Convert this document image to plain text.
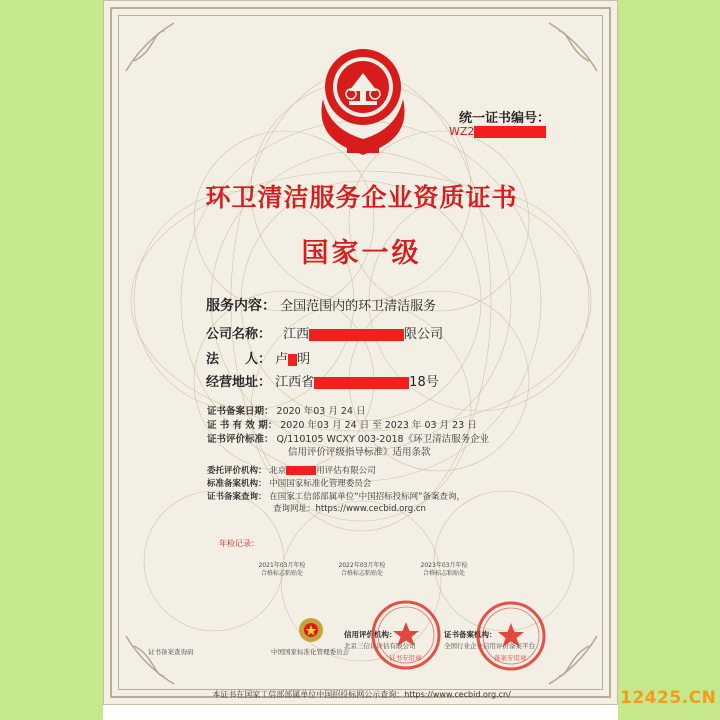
统一证书编号：
WZ2
环卫清洁服务企业资质证书
国家一级
服务内容： 全国范围内的环卫清洁服务
公司名称： 江西	限公司
法　　人： 卢 明
经营地址： 江西省	18号
证书备案日期： 2020 年03 月 24 日
证 书 有 效 期： 2020 年03 月 24 日 至 2023 年 03 月 23 日
证书评价标准： Q/110105 WCXY 003-2018《环卫清洁服务企业
信用评价评级指导标准》适用条款
委托评价机构： 北京	用评估有限公司
标准备案机构： 中国国家标准化管理委员会
证书备案查询： 在国家工信部部属单位“中国招标投标网”备案查询，
查询网址：https://www.cecbid.org.cn
年检记录：
2021年03月年检
合格标志粘贴处
2022年03月年检
合格标志粘贴处
2023年03月年检
合格标志粘贴处
证书备案查询码	中国国家标准化管理委员会
信用评价机构：
北京三信认评估有限公司
证书备案机构：
全国行业企业信用评价备案平台
证书专用章	备案专用章
本证书在国家工信部部属单位中国招投标网公示查询：https://www.cecbid.org.cn/	12425.CN
